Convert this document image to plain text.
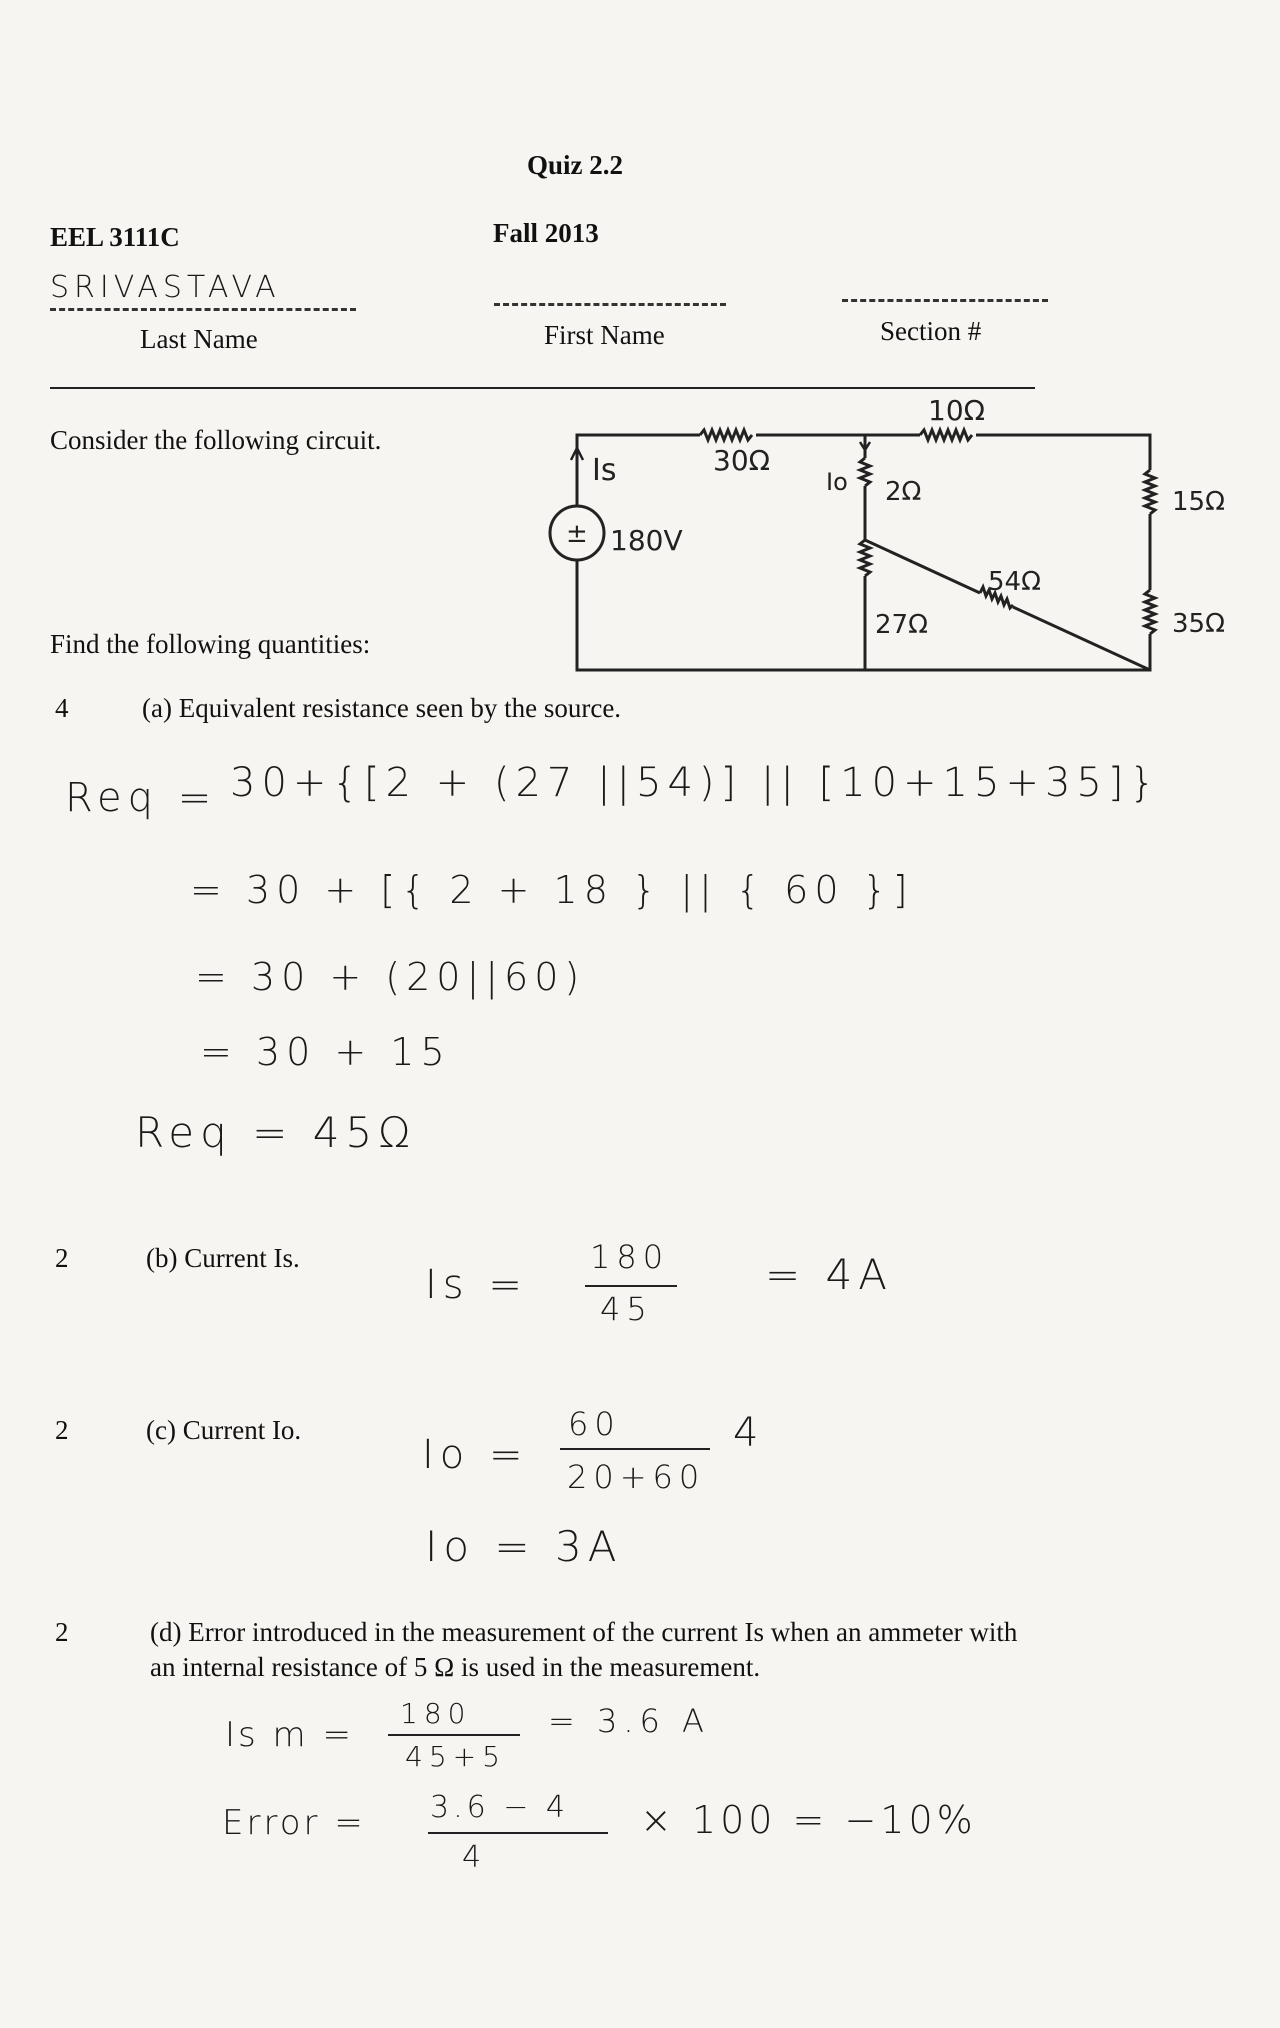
Quiz 2.2
EEL 3111C	Fall 2013
SRIVASTAVA
Last Name	First Name	Section #
Consider the following circuit.
Find the following quantities:
± 180V
Is	30Ω
10Ω
Io 2Ω
54Ω
27Ω
15Ω
35Ω
4	(a) Equivalent resistance seen by the source.
Req = 30+{[2 + (27 ||54)] || [10+15+35]}
= 30 + [{ 2 + 18 } || { 60 }]
= 30 + (20||60)
= 30 + 15
Req = 45Ω
2	(b) Current Is.
Is =
180
45
= 4A
2	(c) Current Io.
Io =
60
20+60
4
Io = 3A
2	(d) Error introduced in the measurement of the current Is when an ammeter with
an internal resistance of 5 Ω is used in the measurement.
Is m =
180
45+5
= 3.6 A
Error = 3.6 − 4
4
× 100 = −10%
